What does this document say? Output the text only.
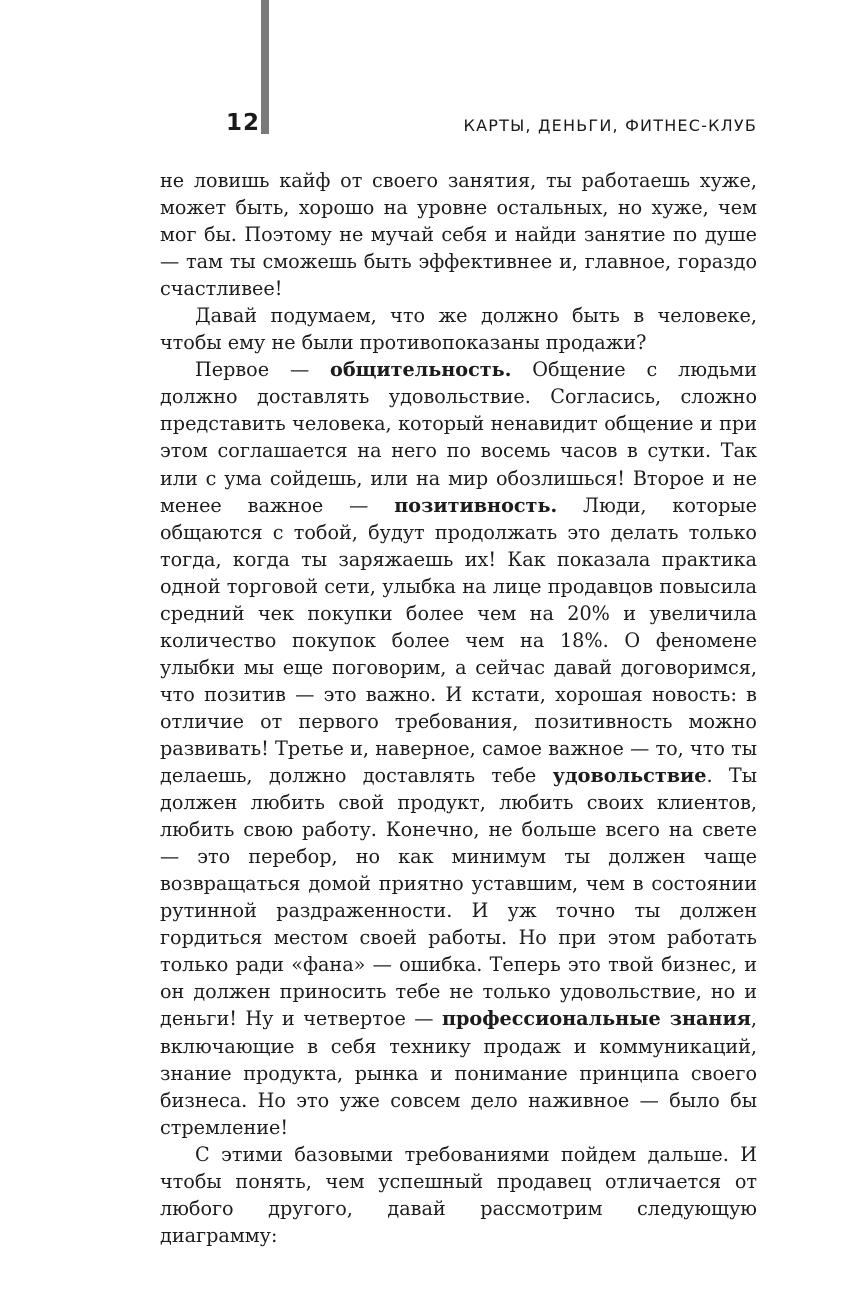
12	КАРТЫ, ДЕНЬГИ, ФИТНЕС-КЛУБ

не ловишь кайф от своего занятия, ты работаешь хуже, может быть, хорошо на уровне остальных, но хуже, чем мог бы. Поэтому не мучай себя и найди занятие по душе — там ты сможешь быть эффективнее и, главное, гораздо счастливее!

Давай подумаем, что же должно быть в человеке, чтобы ему не были противопоказаны продажи?

Первое — общительность. Общение с людьми должно доставлять удовольствие. Согласись, сложно представить человека, который ненавидит общение и при этом соглашается на него по восемь часов в сутки. Так или с ума сойдешь, или на мир обозлишься! Второе и не менее важное — позитивность. Люди, которые общаются с тобой, будут продолжать это делать только тогда, когда ты заряжаешь их! Как показала практика одной торговой сети, улыбка на лице продавцов повысила средний чек покупки более чем на 20% и увеличила количество покупок более чем на 18%. О феномене улыбки мы еще поговорим, а сейчас давай договоримся, что позитив — это важно. И кстати, хорошая новость: в отличие от первого требования, позитивность можно развивать! Третье и, наверное, самое важное — то, что ты делаешь, должно доставлять тебе удовольствие. Ты должен любить свой продукт, любить своих клиентов, любить свою работу. Конечно, не больше всего на свете — это перебор, но как минимум ты должен чаще возвращаться домой приятно уставшим, чем в состоянии рутинной раздраженности. И уж точно ты должен гордиться местом своей работы. Но при этом работать только ради «фана» — ошибка. Теперь это твой бизнес, и он должен приносить тебе не только удовольствие, но и деньги! Ну и четвертое — профессиональные знания, включающие в себя технику продаж и коммуникаций, знание продукта, рынка и понимание принципа своего бизнеса. Но это уже совсем дело наживное — было бы стремление!

С этими базовыми требованиями пойдем дальше. И чтобы понять, чем успешный продавец отличается от любого другого, давай рассмотрим следующую диаграмму:
